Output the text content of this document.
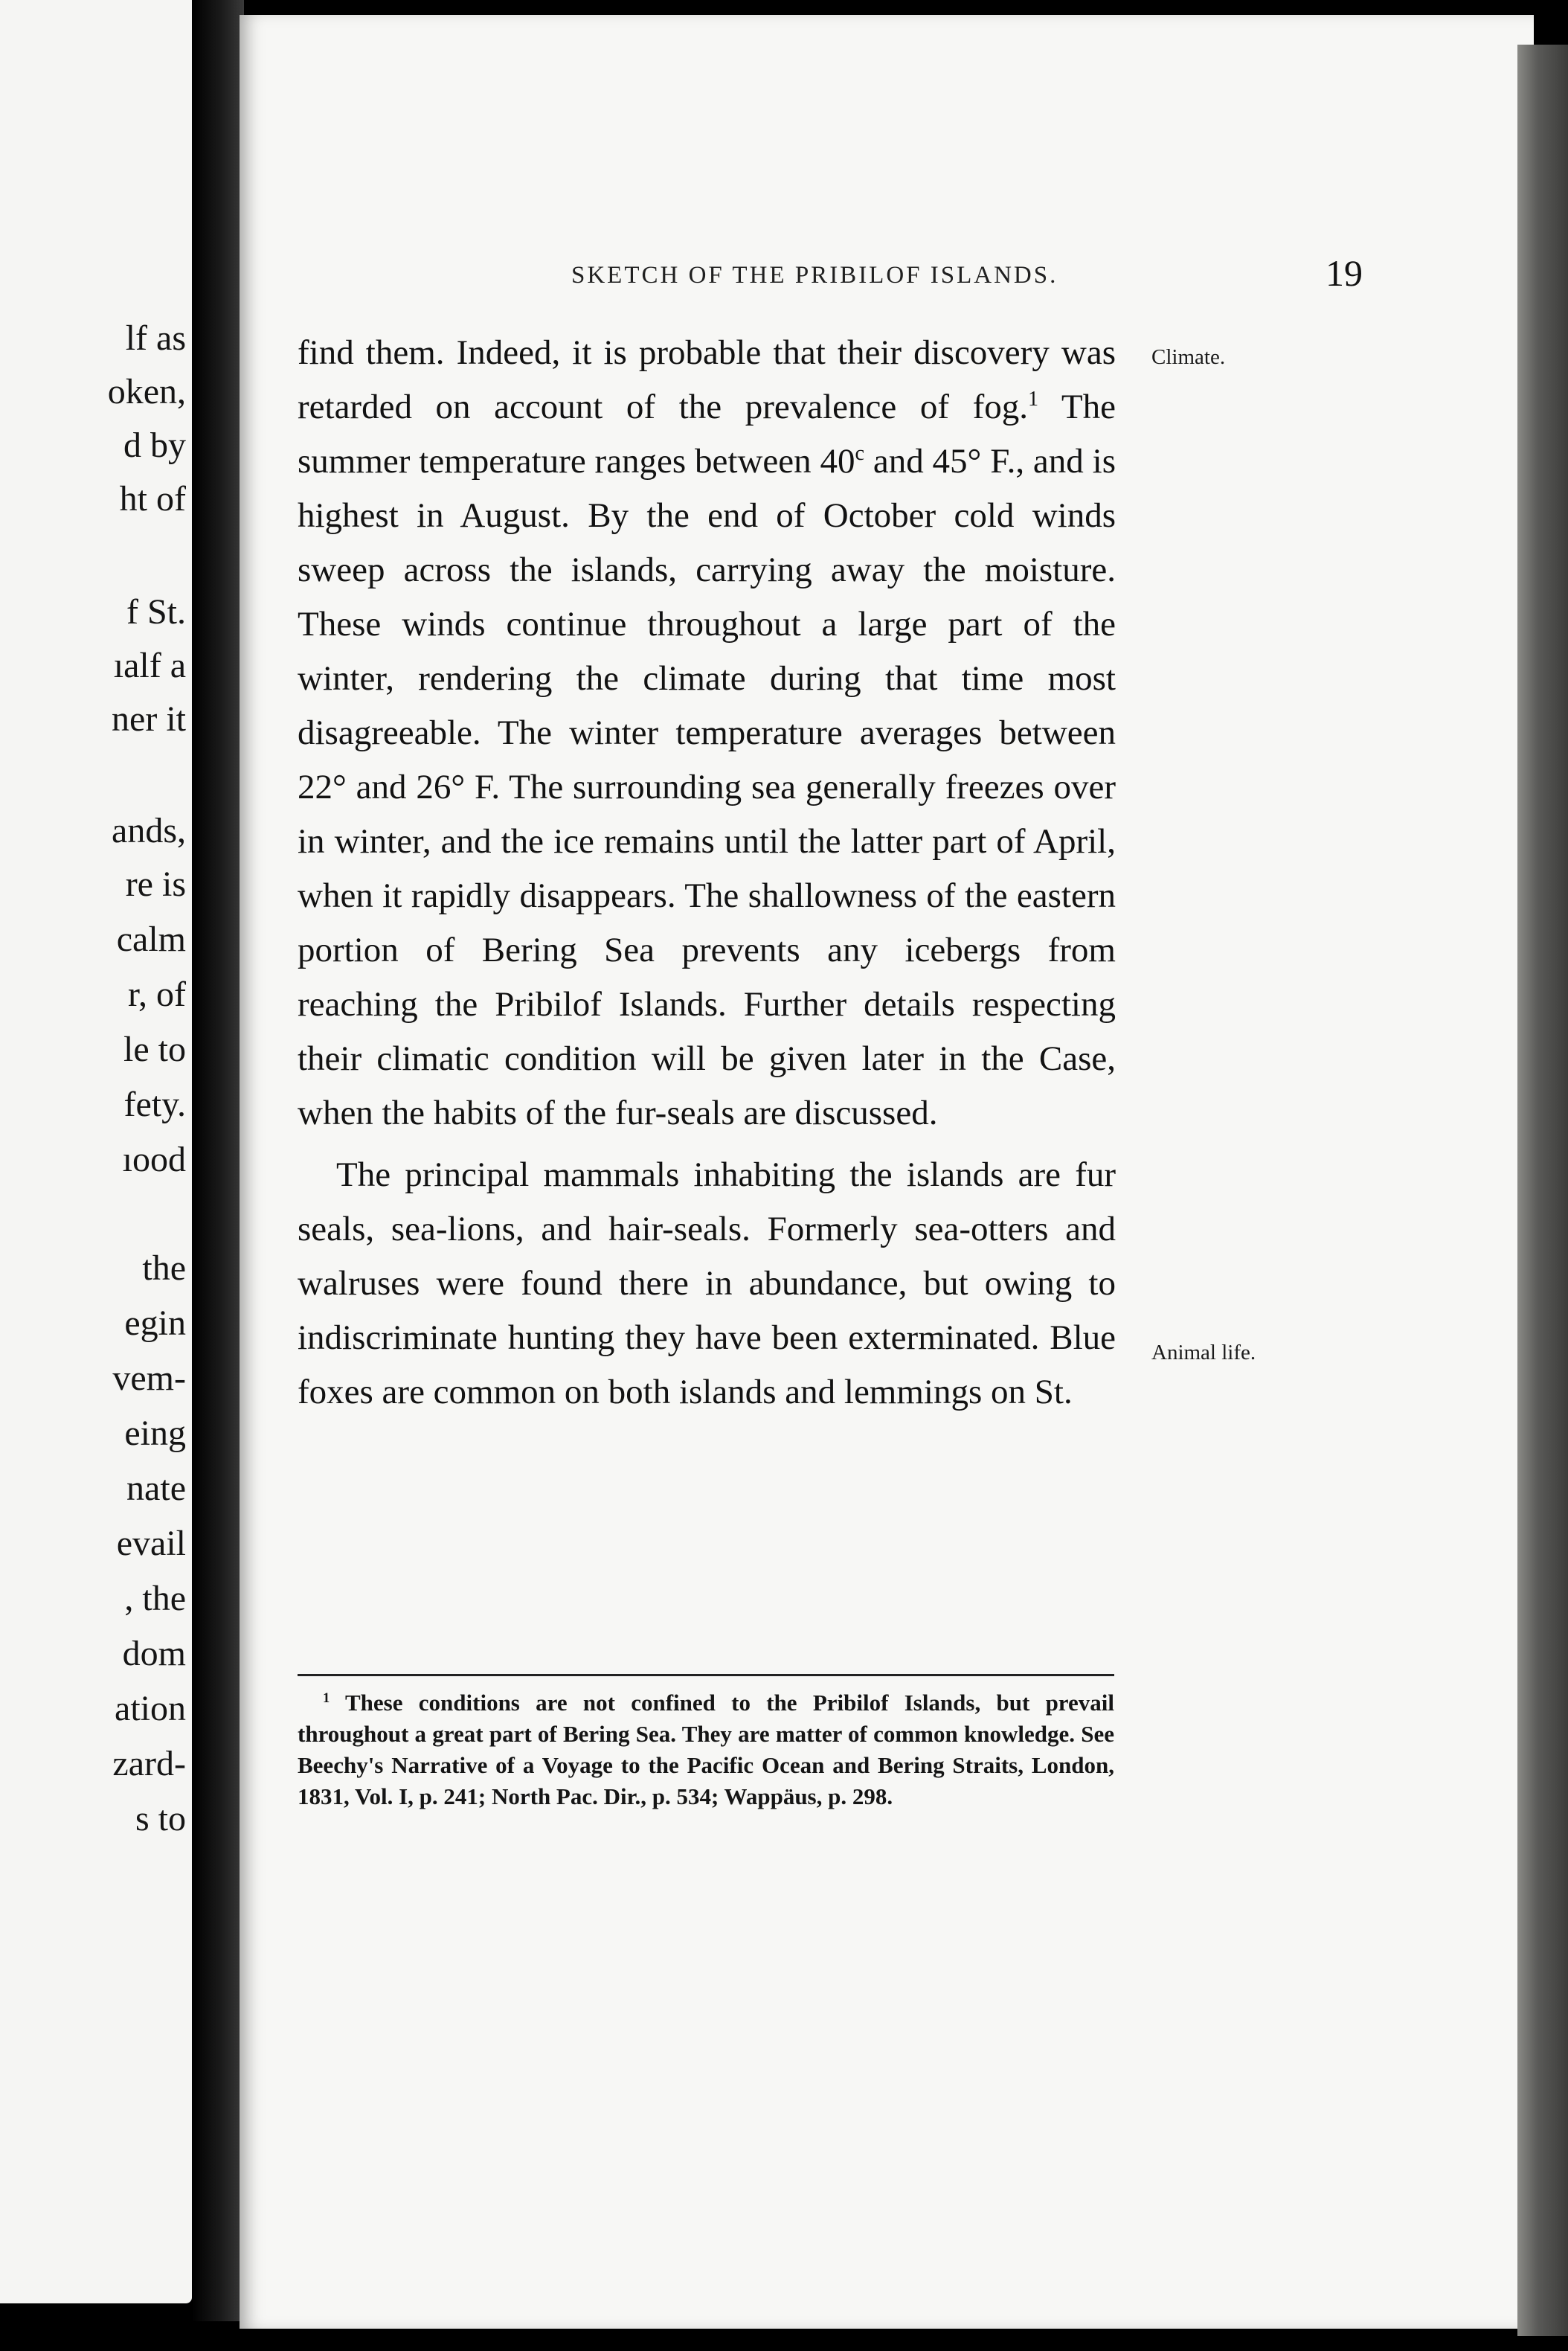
lf as
oken,
d by
ht of
f St.
ıalf a
ner it
ands,
re is
calm
r, of
le to
fety.
ıood
the
egin
vem-
eing
nate
evail
, the
dom
ation
zard-
s to
SKETCH OF THE PRIBILOF ISLANDS.	19
Climate.
Animal life.

find them. Indeed, it is probable that their discovery was retarded on account of the prevalence of fog.$^1$ The summer temperature ranges between 40$^c$ and 45° F., and is highest in August. By the end of October cold winds sweep across the islands, carrying away the moisture. These winds continue throughout a large part of the winter, rendering the climate during that time most disagreeable. The winter temperature averages between 22° and 26° F. The surrounding sea generally freezes over in winter, and the ice remains until the latter part of April, when it rapidly disappears. The shallowness of the eastern portion of Bering Sea prevents any icebergs from reaching the Pribilof Islands. Further details respecting their climatic condition will be given later in the Case, when the habits of the fur-seals are discussed.

The principal mammals inhabiting the islands are fur seals, sea-lions, and hair-seals. Formerly sea-otters and walruses were found there in abundance, but owing to indiscriminate hunting they have been exterminated. Blue foxes are common on both islands and lemmings on St.

$^1$ These conditions are not confined to the Pribilof Islands, but prevail throughout a great part of Bering Sea. They are matter of common knowledge. See Beechy's Narrative of a Voyage to the Pacific Ocean and Bering Straits, London, 1831, Vol. I, p. 241; North Pac. Dir., p. 534; Wappäus, p. 298.
